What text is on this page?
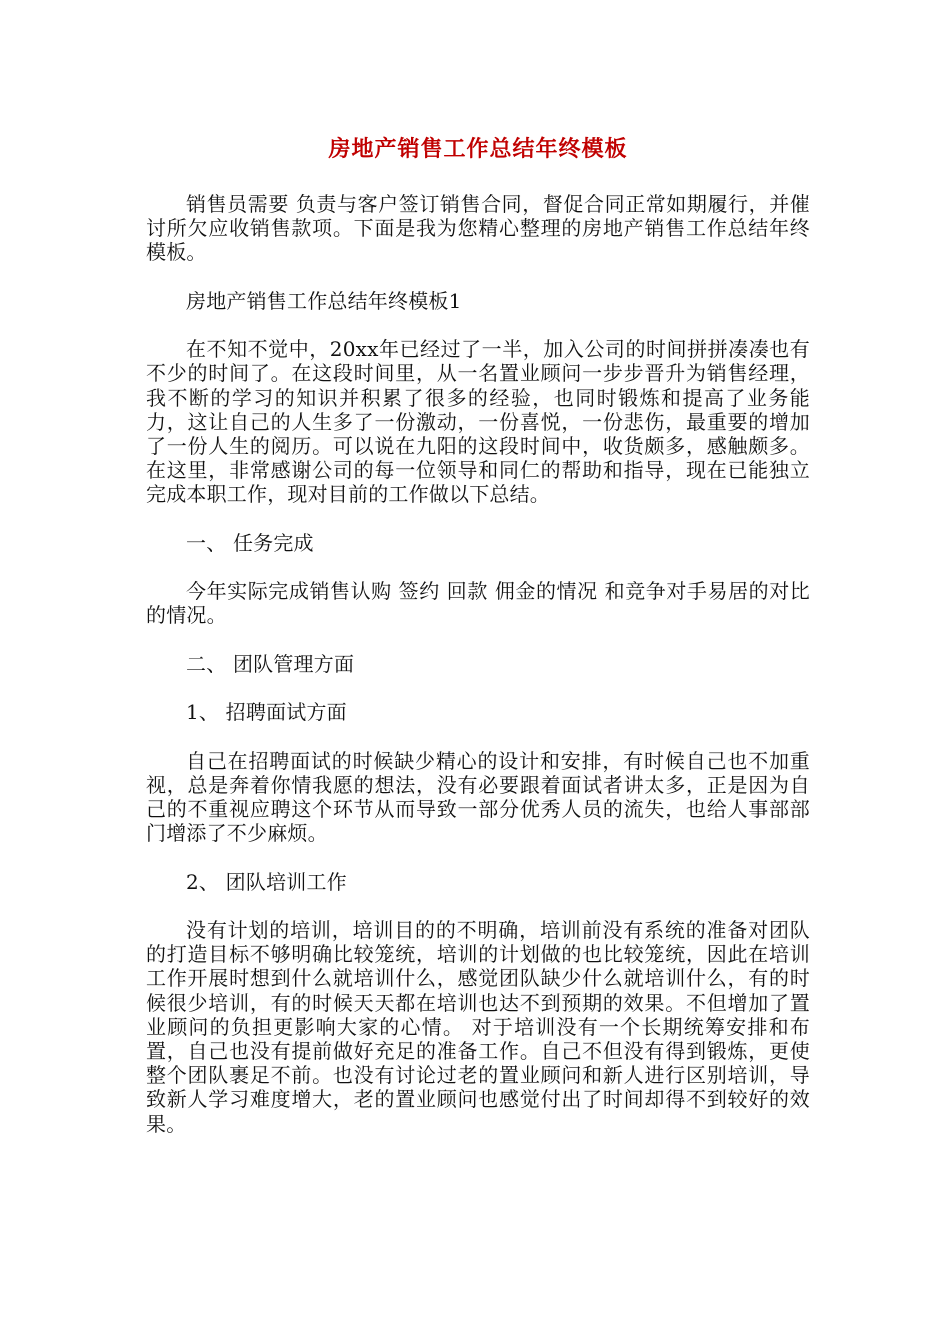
房地产销售工作总结年终模板

销售员需要 负责与客户签订销售合同，督促合同正常如期履行，并催讨所欠应收销售款项。下面是我为您精心整理的房地产销售工作总结年终模板。

房地产销售工作总结年终模板1

在不知不觉中，20xx年已经过了一半，加入公司的时间拼拼凑凑也有不少的时间了。在这段时间里，从一名置业顾问一步步晋升为销售经理，我不断的学习的知识并积累了很多的经验，也同时锻炼和提高了业务能力，这让自己的人生多了一份激动，一份喜悦，一份悲伤，最重要的增加了一份人生的阅历。可以说在九阳的这段时间中，收货颇多，感触颇多。在这里，非常感谢公司的每一位领导和同仁的帮助和指导，现在已能独立完成本职工作，现对目前的工作做以下总结。

一、 任务完成

今年实际完成销售认购 签约 回款 佣金的情况 和竞争对手易居的对比的情况。

二、 团队管理方面

1、 招聘面试方面

自己在招聘面试的时候缺少精心的设计和安排，有时候自己也不加重视，总是奔着你情我愿的想法，没有必要跟着面试者讲太多，正是因为自己的不重视应聘这个环节从而导致一部分优秀人员的流失，也给人事部部门增添了不少麻烦。

2、 团队培训工作

没有计划的培训，培训目的的不明确，培训前没有系统的准备对团队的打造目标不够明确比较笼统，培训的计划做的也比较笼统，因此在培训工作开展时想到什么就培训什么，感觉团队缺少什么就培训什么，有的时候很少培训，有的时候天天都在培训也达不到预期的效果。不但增加了置业顾问的负担更影响大家的心情。 对于培训没有一个长期统筹安排和布置，自己也没有提前做好充足的准备工作。自己不但没有得到锻炼，更使整个团队裹足不前。也没有讨论过老的置业顾问和新人进行区别培训，导致新人学习难度增大，老的置业顾问也感觉付出了时间却得不到较好的效果。
